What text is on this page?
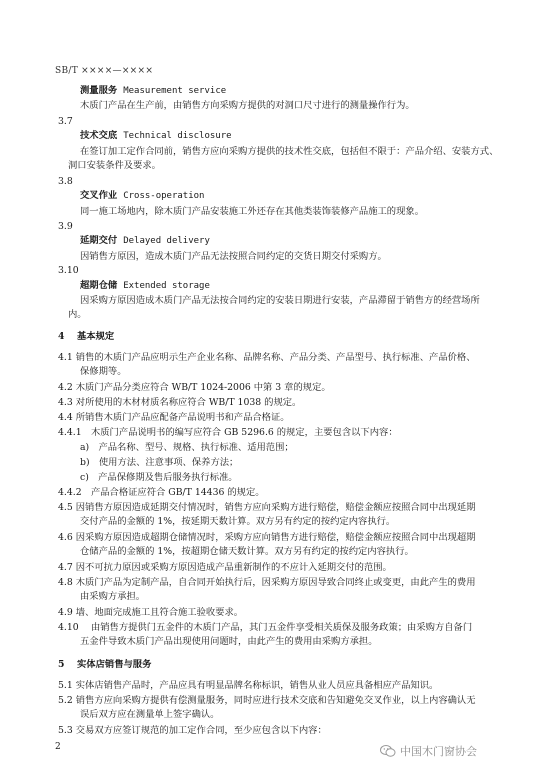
SB/T ××××—××××
测量服务 Measurement service
木质门产品在生产前，由销售方向采购方提供的对洞口尺寸进行的测量操作行为。
3.7
技术交底 Technical disclosure
在签订加工定作合同前，销售方应向采购方提供的技术性交底，包括但不限于：产品介绍、安装方式、
洞口安装条件及要求。
3.8
交叉作业 Cross-operation
同一施工场地内，除木质门产品安装施工外还存在其他类装饰装修产品施工的现象。
3.9
延期交付 Delayed delivery
因销售方原因，造成木质门产品无法按照合同约定的交货日期交付采购方。
3.10
超期仓储 Extended storage
因采购方原因造成木质门产品无法按合同约定的安装日期进行安装，产品滞留于销售方的经营场所
内。
4　 基本规定
4.1 销售的木质门产品应明示生产企业名称、品牌名称、产品分类、产品型号、执行标准、产品价格、
保修期等。
4.2 木质门产品分类应符合 WB/T 1024-2006 中第 3 章的规定。
4.3 对所使用的木材材质名称应符合 WB/T 1038 的规定。
4.4 所销售木质门产品应配备产品说明书和产品合格证。
4.4.1　木质门产品说明书的编写应符合 GB 5296.6 的规定，主要包含以下内容：
a)　产品名称、型号、规格、执行标准、适用范围；
b)　使用方法、注意事项、保养方法；
c)　产品保修期及售后服务执行标准。
4.4.2　产品合格证应符合 GB/T 14436 的规定。
4.5 因销售方原因造成延期交付情况时，销售方应向采购方进行赔偿，赔偿金额应按照合同中出现延期
交付产品的金额的 1%，按延期天数计算。双方另有约定的按约定内容执行。
4.6 因采购方原因造成超期仓储情况时，采购方应向销售方进行赔偿，赔偿金额应按照合同中出现超期
仓储产品的金额的 1%，按超期仓储天数计算。双方另有约定的按约定内容执行。
4.7 因不可抗力原因或采购方原因造成产品重新制作的不应计入延期交付的范围。
4.8 木质门产品为定制产品，自合同开始执行后，因采购方原因导致合同终止或变更，由此产生的费用
由采购方承担。
4.9 墙、地面完成施工且符合施工验收要求。
4.10　 由销售方提供门五金件的木质门产品，其门五金件享受相关质保及服务政策；由采购方自备门
五金件导致木质门产品出现使用问题时，由此产生的费用由采购方承担。
5　 实体店销售与服务
5.1 实体店销售产品时，产品应具有明显品牌名称标识，销售从业人员应具备相应产品知识。
5.2 销售方应向采购方提供有偿测量服务，同时应进行技术交底和告知避免交叉作业，以上内容确认无
误后双方应在测量单上签字确认。
5.3 交易双方应签订规范的加工定作合同，至少应包含以下内容：
2	中国木门窗协会
